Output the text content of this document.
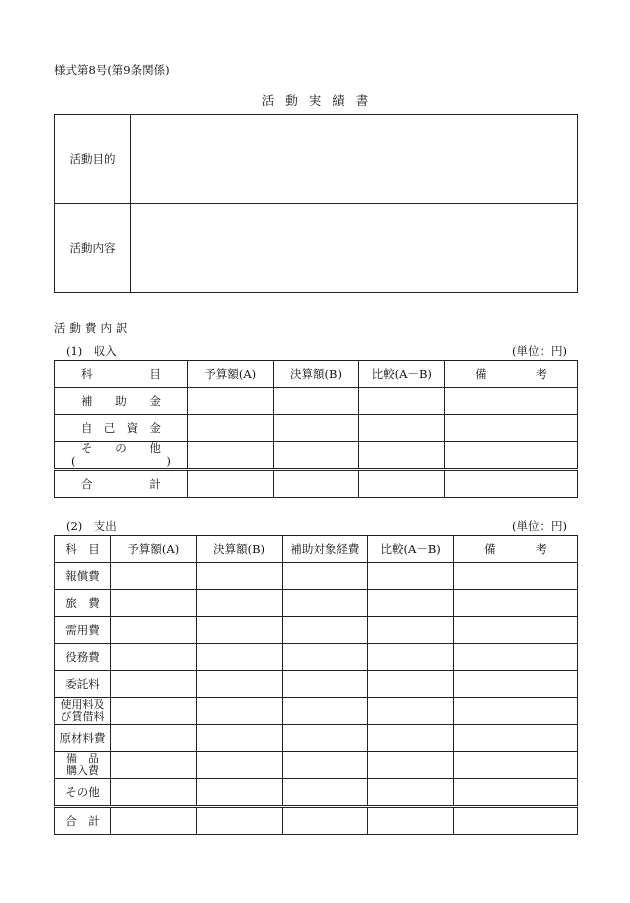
様式第8号(第9条関係)
活動実績書
活動目的	
活動内容	
活動費内訳
(1)　収入	(単位：円)
科 目	予算額(A)	決算額(B)	比較(A－B)	備 考

補 助 金				

自 己 資 金				

そ の 他
( )				

合 計				

(2)　支出	(単位：円)
科　目	予算額(A)	決算額(B)	補助対象経費	比較(A－B)	備 考

報償費					
旅　費					
需用費					
役務費					
委託料					

使用料及
び賃借料					

原材料費					

備　品
購入費					

その他					
合　計					
